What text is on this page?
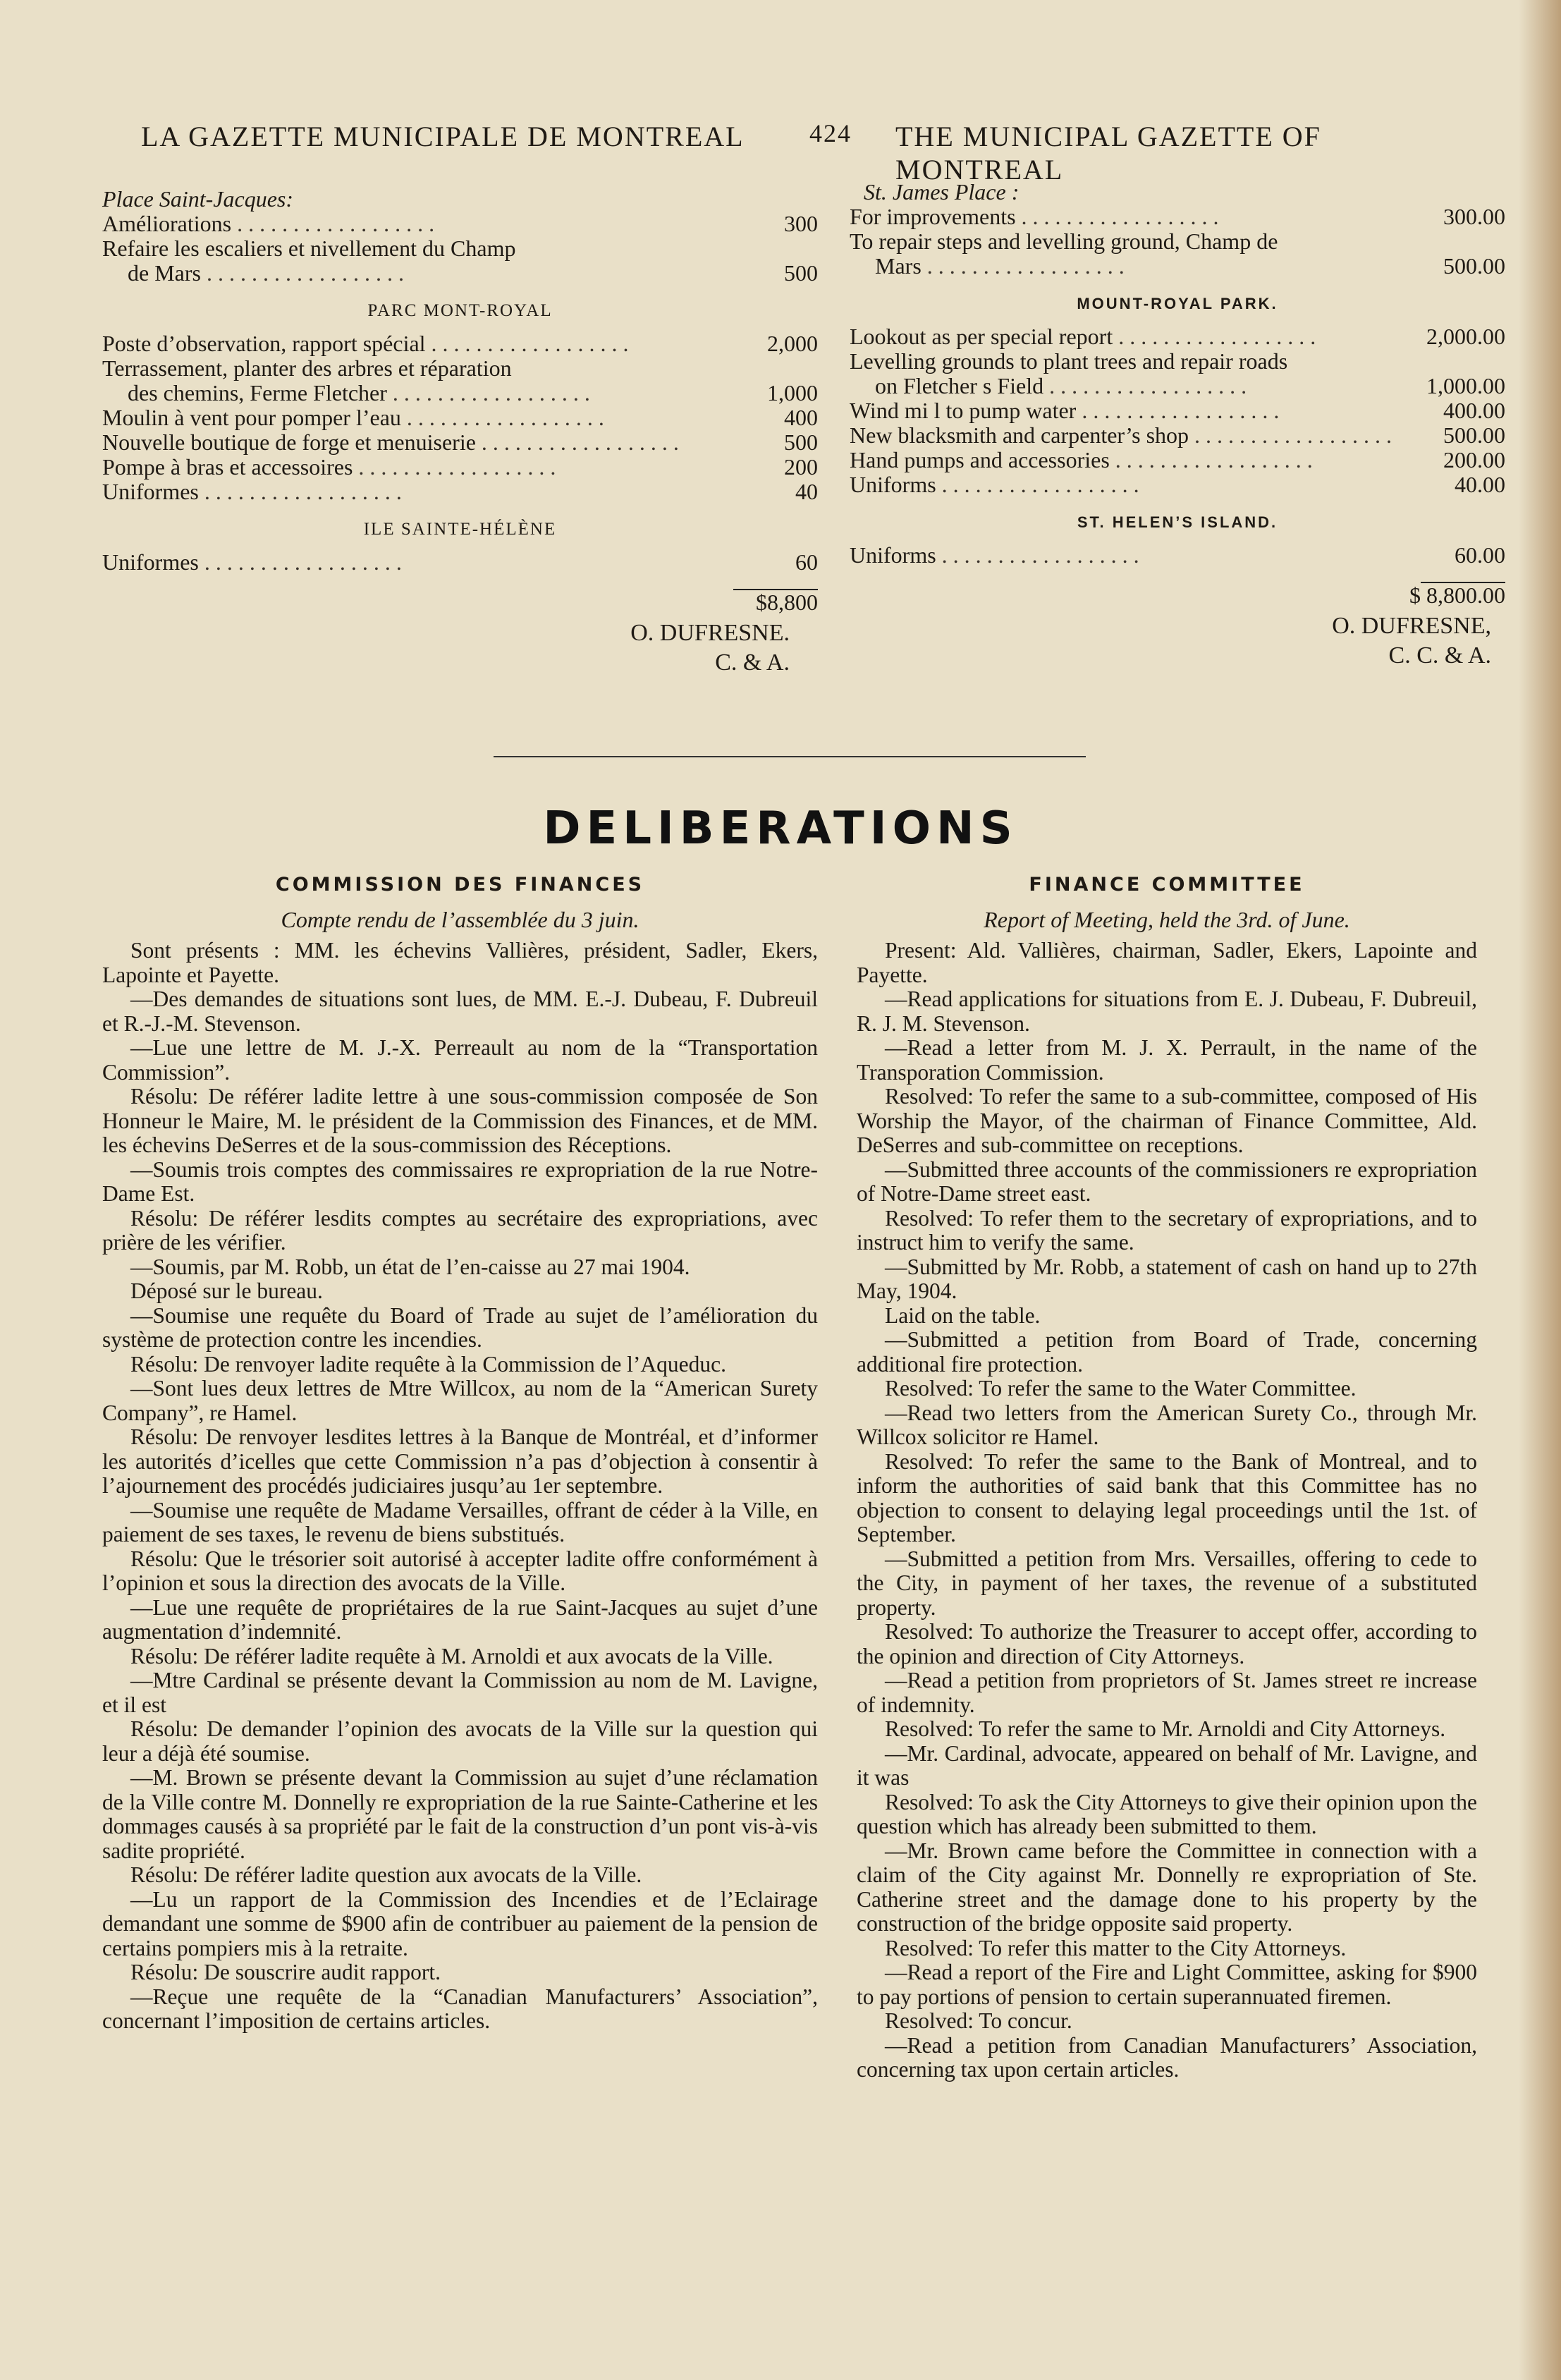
LA GAZETTE MUNICIPALE DE MONTREAL	424 THE MUNICIPAL GAZETTE OF MONTREAL
Place Saint-Jacques:
Améliorations . . . . . . . . . . . . . . . . . .	300
Refaire les escaliers et nivellement du Champ
de Mars . . . . . . . . . . . . . . . . . .	500
PARC MONT-ROYAL
Poste d’observation, rapport spécial . . . . . . . . . . . . . . . . . .	2,000
Terrassement, planter des arbres et réparation
des chemins, Ferme Fletcher . . . . . . . . . . . . . . . . . .	1,000
Moulin à vent pour pomper l’eau . . . . . . . . . . . . . . . . . .	400
Nouvelle boutique de forge et menuiserie . . . . . . . . . . . . . . . . . .	500
Pompe à bras et accessoires . . . . . . . . . . . . . . . . . .	200
Uniformes . . . . . . . . . . . . . . . . . .	40
ILE SAINTE-HÉLÈNE
Uniformes . . . . . . . . . . . . . . . . . .	60
$8,800
O. DUFRESNE.
C. & A.
St. James Place :
For improvements . . . . . . . . . . . . . . . . . .	300.00
To repair steps and levelling ground, Champ de
Mars . . . . . . . . . . . . . . . . . .	500.00
MOUNT-ROYAL PARK.
Lookout as per special report . . . . . . . . . . . . . . . . . .	2,000.00
Levelling grounds to plant trees and repair roads
on Fletcher s Field . . . . . . . . . . . . . . . . . .	1,000.00
Wind mi l to pump water . . . . . . . . . . . . . . . . . .	400.00
New blacksmith and carpenter’s shop . . . . . . . . . . . . . . . . . .	500.00
Hand pumps and accessories . . . . . . . . . . . . . . . . . .	200.00
Uniforms . . . . . . . . . . . . . . . . . .	40.00
ST. HELEN’S ISLAND.
Uniforms . . . . . . . . . . . . . . . . . .	60.00
$ 8,800.00
O. DUFRESNE,
C. C. & A.
DELIBERATIONS
COMMISSION DES FINANCES
Compte rendu de l’assemblée du 3 juin.

Sont présents : MM. les échevins Vallières, président, Sadler, Ekers, Lapointe et Payette.

—Des demandes de situations sont lues, de MM. E.-J. Dubeau, F. Dubreuil et R.-J.-M. Stevenson.

—Lue une lettre de M. J.-X. Perreault au nom de la “Transportation Commission”.

Résolu: De référer ladite lettre à une sous-commission composée de Son Honneur le Maire, M. le président de la Commission des Finances, et de MM. les échevins DeSerres et de la sous-commission des Réceptions.

—Soumis trois comptes des commissaires re expropriation de la rue Notre-Dame Est.

Résolu: De référer lesdits comptes au secrétaire des expropriations, avec prière de les vérifier.

—Soumis, par M. Robb, un état de l’en-caisse au 27 mai 1904.

Déposé sur le bureau.

—Soumise une requête du Board of Trade au sujet de l’amélioration du système de protection contre les incendies.

Résolu: De renvoyer ladite requête à la Commission de l’Aqueduc.

—Sont lues deux lettres de Mtre Willcox, au nom de la “American Surety Company”, re Hamel.

Résolu: De renvoyer lesdites lettres à la Banque de Montréal, et d’informer les autorités d’icelles que cette Commission n’a pas d’objection à consentir à l’ajournement des procédés judiciaires jusqu’au 1er septembre.

—Soumise une requête de Madame Versailles, offrant de céder à la Ville, en paiement de ses taxes, le revenu de biens substitués.

Résolu: Que le trésorier soit autorisé à accepter ladite offre conformément à l’opinion et sous la direction des avocats de la Ville.

—Lue une requête de propriétaires de la rue Saint-Jacques au sujet d’une augmentation d’indemnité.

Résolu: De référer ladite requête à M. Arnoldi et aux avocats de la Ville.

—Mtre Cardinal se présente devant la Commission au nom de M. Lavigne, et il est

Résolu: De demander l’opinion des avocats de la Ville sur la question qui leur a déjà été soumise.

—M. Brown se présente devant la Commission au sujet d’une réclamation de la Ville contre M. Donnelly re expropriation de la rue Sainte-Catherine et les dommages causés à sa propriété par le fait de la construction d’un pont vis-à-vis sadite propriété.

Résolu: De référer ladite question aux avocats de la Ville.

—Lu un rapport de la Commission des Incendies et de l’Eclairage demandant une somme de $900 afin de contribuer au paiement de la pension de certains pompiers mis à la retraite.

Résolu: De souscrire audit rapport.

—Reçue une requête de la “Canadian Manufacturers’ Association”, concernant l’imposition de certains articles.

FINANCE COMMITTEE
Report of Meeting, held the 3rd. of June.

Present: Ald. Vallières, chairman, Sadler, Ekers, Lapointe and Payette.

—Read applications for situations from E. J. Dubeau, F. Dubreuil, R. J. M. Stevenson.

—Read a letter from M. J. X. Perrault, in the name of the Transporation Commission.

Resolved: To refer the same to a sub-committee, composed of His Worship the Mayor, of the chairman of Finance Committee, Ald. DeSerres and sub-committee on receptions.

—Submitted three accounts of the commissioners re expropriation of Notre-Dame street east.

Resolved: To refer them to the secretary of expropriations, and to instruct him to verify the same.

—Submitted by Mr. Robb, a statement of cash on hand up to 27th May, 1904.

Laid on the table.

—Submitted a petition from Board of Trade, concerning additional fire protection.

Resolved: To refer the same to the Water Committee.

—Read two letters from the American Surety Co., through Mr. Willcox solicitor re Hamel.

Resolved: To refer the same to the Bank of Montreal, and to inform the authorities of said bank that this Committee has no objection to consent to delaying legal proceedings until the 1st. of September.

—Submitted a petition from Mrs. Versailles, offering to cede to the City, in payment of her taxes, the revenue of a substituted property.

Resolved: To authorize the Treasurer to accept offer, according to the opinion and direction of City Attorneys.

—Read a petition from proprietors of St. James street re increase of indemnity.

Resolved: To refer the same to Mr. Arnoldi and City Attorneys.

—Mr. Cardinal, advocate, appeared on behalf of Mr. Lavigne, and it was

Resolved: To ask the City Attorneys to give their opinion upon the question which has already been submitted to them.

—Mr. Brown came before the Committee in connection with a claim of the City against Mr. Donnelly re expropriation of Ste. Catherine street and the damage done to his property by the construction of the bridge opposite said property.

Resolved: To refer this matter to the City Attorneys.

—Read a report of the Fire and Light Committee, asking for $900 to pay portions of pension to certain superannuated firemen.

Resolved: To concur.

—Read a petition from Canadian Manufacturers’ Association, concerning tax upon certain articles.
